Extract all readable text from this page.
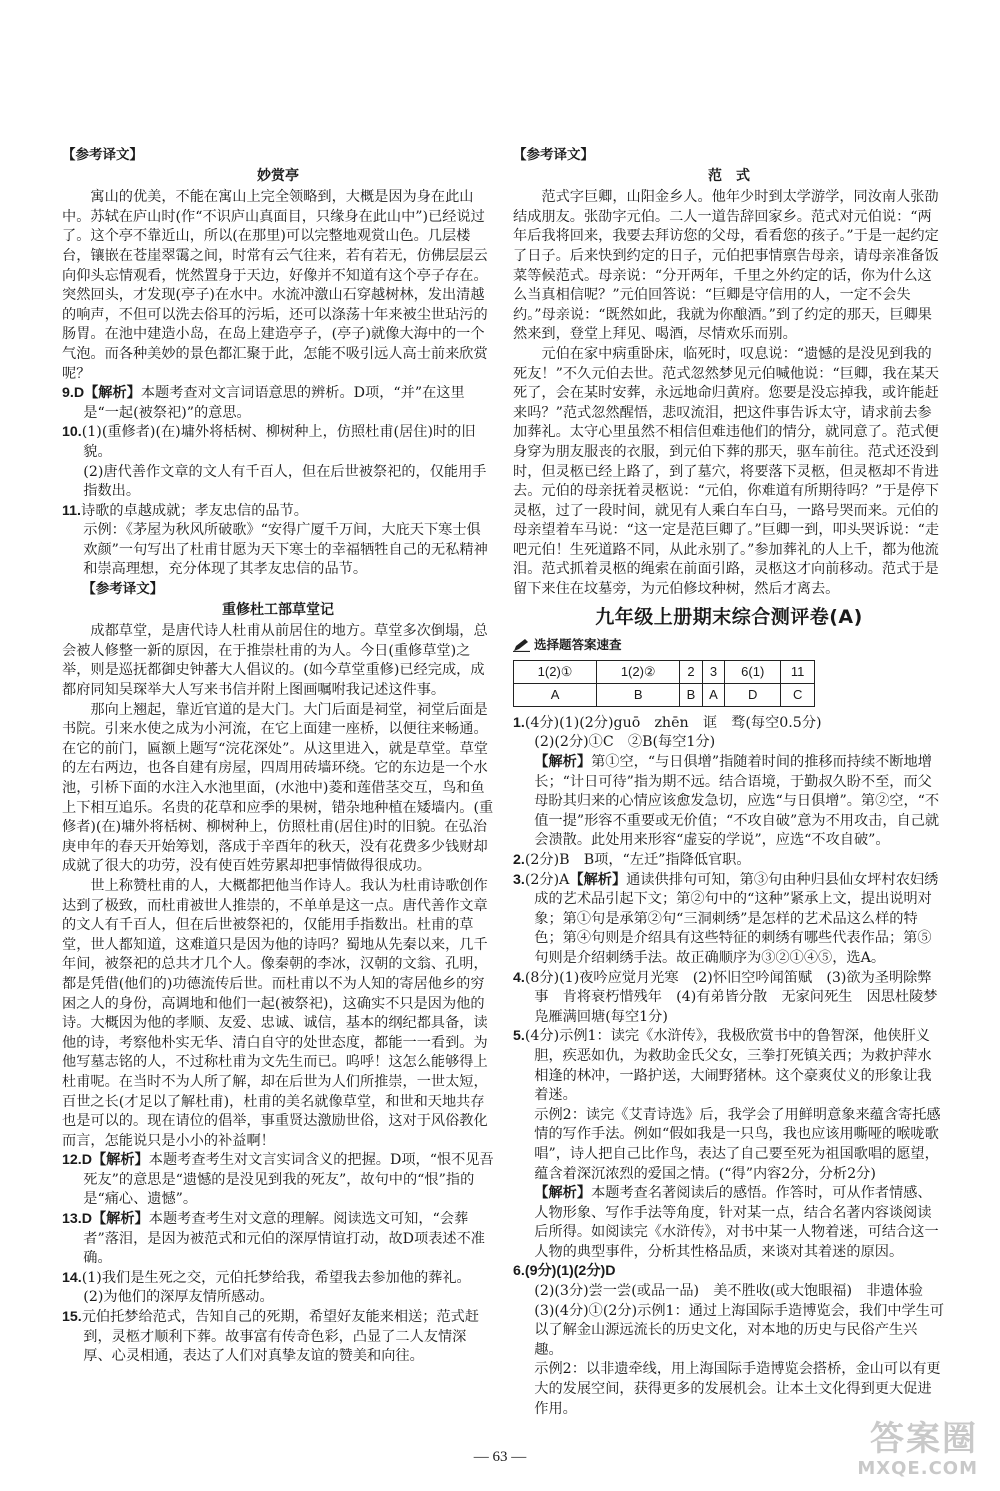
【参考译文】

妙赏亭

寓山的优美，不能在寓山上完全领略到，大概是因为身在此山中。苏轼在庐山时(作“不识庐山真面目，只缘身在此山中”)已经说过了。这个亭不靠近山，所以(在那里)可以完整地观赏山色。几层楼台，镶嵌在苍崖翠霭之间，时常有云气往来，若有若无，仿佛层层云向仰头忘情观看，恍然置身于天边，好像并不知道有这个亭子存在。突然回头，才发现(亭子)在水中。水流冲激山石穿越树林，发出清越的响声，不但可以洗去俗耳的污垢，还可以涤荡十年来被尘世玷污的肠胃。在池中建造小岛，在岛上建造亭子，(亭子)就像大海中的一个气泡。而各种美妙的景色都汇聚于此，怎能不吸引远人高士前来欣赏呢？

9.D【解析】本题考查对文言词语意思的辨析。D项，“并”在这里是“一起(被祭祀)”的意思。

10.(1)(重修者)(在)墉外将栝树、柳树种上，仿照杜甫(居住)时的旧貌。

(2)唐代善作文章的文人有千百人，但在后世被祭祀的，仅能用手指数出。

11.诗歌的卓越成就；孝友忠信的品节。

示例：《茅屋为秋风所破歌》“安得广厦千万间，大庇天下寒士俱欢颜”一句写出了杜甫甘愿为天下寒士的幸福牺牲自己的无私精神和崇高理想，充分体现了其孝友忠信的品节。

【参考译文】

重修杜工部草堂记

成都草堂，是唐代诗人杜甫从前居住的地方。草堂多次倒塌，总会被人修整一新的原因，在于推崇杜甫的为人。今日(重修草堂)之举，则是巡抚都御史钟蕃大人倡议的。(如今草堂重修)已经完成，成都府同知吴琛举大人写来书信并附上图画嘱咐我记述这件事。

那向上翘起，靠近官道的是大门。大门后面是祠堂，祠堂后面是书院。引来水使之成为小河流，在它上面建一座桥，以便往来畅通。在它的前门，匾额上题写“浣花深处”。从这里进入，就是草堂。草堂的左右两边，也各自建有房屋，四周用砖墙环绕。它的东边是一个水池，引桥下面的水注入水池里面，(水池中)菱和莲借茎交互，鸟和鱼上下相互追乐。名贵的花草和应季的果树，错杂地种植在矮墙内。(重修者)(在)墉外将栝树、柳树种上，仿照杜甫(居住)时的旧貌。在弘治庚申年的春天开始筹划，落成于辛酉年的秋天，没有花费多少钱财却成就了很大的功劳，没有使百姓劳累却把事情做得很成功。

世上称赞杜甫的人，大概都把他当作诗人。我认为杜甫诗歌创作达到了极致，而杜甫被世人推崇的，不单单是这一点。唐代善作文章的文人有千百人，但在后世被祭祀的，仅能用手指数出。杜甫的草堂，世人都知道，这难道只是因为他的诗吗？蜀地从先秦以来，几千年间，被祭祀的总共才几个人。像秦朝的李冰，汉朝的文翁、孔明，都是凭借(他们的)功德流传后世。而杜甫以不为人知的寄居他乡的穷困之人的身份，高调地和他们一起(被祭祀)，这确实不只是因为他的诗。大概因为他的孝顺、友爱、忠诚、诚信，基本的纲纪都具备，读他的诗，考察他朴实无华、清白自守的处世态度，都能一一看到。为他写墓志铭的人，不过称杜甫为文先生而已。呜呼！这怎么能够得上杜甫呢。在当时不为人所了解，却在后世为人们所推崇，一世太短，百世之长(才足以了解杜甫)，杜甫的美名就像草堂，和世和天地共存也是可以的。现在请位的倡举，事重贤达激励世俗，这对于风俗教化而言，怎能说只是小小的补益啊！

12.D【解析】本题考查考生对文言实词含义的把握。D项，“恨不见吾死友”的意思是“遗憾的是没见到我的死友”，故句中的“恨”指的是“痛心、遗憾”。

13.D【解析】本题考查考生对文意的理解。阅读选文可知，“会葬者”落泪，是因为被范式和元伯的深厚情谊打动，故D项表述不准确。

14.(1)我们是生死之交，元伯托梦给我，希望我去参加他的葬礼。

(2)为他们的深厚友情所感动。

15.元伯托梦给范式，告知自己的死期，希望好友能来相送；范式赶到，灵柩才顺利下葬。故事富有传奇色彩，凸显了二人友情深厚、心灵相通，表达了人们对真挚友谊的赞美和向往。

【参考译文】

范　式

范式字巨卿，山阳金乡人。他年少时到太学游学，同汝南人张劭结成朋友。张劭字元伯。二人一道告辞回家乡。范式对元伯说：“两年后我将回来，我要去拜访您的父母，看看您的孩子。”于是一起约定了日子。后来快到约定的日子，元伯把事情禀告母亲，请母亲准备饭菜等候范式。母亲说：“分开两年，千里之外约定的话，你为什么这么当真相信呢？”元伯回答说：“巨卿是守信用的人，一定不会失约。”母亲说：“既然如此，我就为你酿酒。”到了约定的那天，巨卿果然来到，登堂上拜见、喝酒，尽情欢乐而别。

元伯在家中病重卧床，临死时，叹息说：“遗憾的是没见到我的死友！”不久元伯去世。范式忽然梦见元伯喊他说：“巨卿，我在某天死了，会在某时安葬，永远地命归黄府。您要是没忘掉我，或许能赶来吗？”范式忽然醒悟，悲叹流泪，把这件事告诉太守，请求前去参加葬礼。太守心里虽然不相信但难违他们的情分，就同意了。范式便身穿为朋友服丧的衣服，到元伯下葬的那天，驱车前往。范式还没到时，但灵柩已经上路了，到了墓穴，将要落下灵柩，但灵柩却不肯进去。元伯的母亲抚着灵柩说：“元伯，你难道有所期待吗？”于是停下灵柩，过了一段时间，就见有人乘白车白马，一路号哭而来。元伯的母亲望着车马说：“这一定是范巨卿了。”巨卿一到，叩头哭诉说：“走吧元伯！生死道路不同，从此永别了。”参加葬礼的人上千，都为他流泪。范式抓着灵柩的绳索在前面引路，灵柩这才向前移动。范式于是留下来住在坟墓旁，为元伯修坟种树，然后才离去。

九年级上册期末综合测评卷(A)

选择题答案速查
1(2)①	1(2)②	2	3	6(1)	11
A	B	B	A	D	C

1.(4分)(1)(2分)guō　zhēn　诓　骛(每空0.5分)

(2)(2分)①C　②B(每空1分)

【解析】第①空，“与日俱增”指随着时间的推移而持续不断地增长；“计日可待”指为期不远。结合语境，于勤叔久盼不至，而父母盼其归来的心情应该愈发急切，应选“与日俱增”。第②空，“不值一提”形容不重要或无价值；“不攻自破”意为不用攻击，自己就会溃散。此处用来形容“虚妄的学说”，应选“不攻自破”。

2.(2分)B　B项，“左迁”指降低官职。

3.(2分)A【解析】通读供排句可知，第③句由种归县仙女坪村农妇绣成的艺术品引起下文；第②句中的“这种”紧承上文，提出说明对象；第①句是承第②句“三洞刺绣”是怎样的艺术品这么样的特色；第④句则是介绍具有这些特征的刺绣有哪些代表作品；第⑤句则是介绍刺绣手法。故正确顺序为③②①④⑤，选A。

4.(8分)(1)夜吟应觉月光寒　(2)怀旧空吟闻笛赋　(3)欲为圣明除弊事　肯将衰朽惜残年　(4)有弟皆分散　无家问死生　因思杜陵梦　凫雁满回塘(每空1分)

5.(4分)示例1：读完《水浒传》，我极欣赏书中的鲁智深，他侠肝义胆，疾恶如仇，为救助金氏父女，三拳打死镇关西；为救护萍水相逢的林冲，一路护送，大闹野猪林。这个豪爽仗义的形象让我着迷。

示例2：读完《艾青诗选》后，我学会了用鲜明意象来蕴含寄托感情的写作手法。例如“假如我是一只鸟，我也应该用嘶哑的喉咙歌唱”，诗人把自己比作鸟，表达了自己要至死为祖国歌唱的愿望，蕴含着深沉浓烈的爱国之情。(“得”内容2分，分析2分)

【解析】本题考查名著阅读后的感悟。作答时，可从作者情感、人物形象、写作手法等角度，针对某一点，结合名著内容谈阅读后所得。如阅读完《水浒传》，对书中某一人物着迷，可结合这一人物的典型事件，分析其性格品质，来谈对其着迷的原因。

6.(9分)(1)(2分)D

(2)(3分)尝一尝(或品一品)　美不胜收(或大饱眼福)　非遗体验

(3)(4分)①(2分)示例1：通过上海国际手造博览会，我们中学生可以了解金山源远流长的历史文化，对本地的历史与民俗产生兴趣。

示例2：以非遗牵线，用上海国际手造博览会搭桥，金山可以有更大的发展空间，获得更多的发展机会。让本土文化得到更大促进作用。

— 63 —	答案圈
MXQE.COM
